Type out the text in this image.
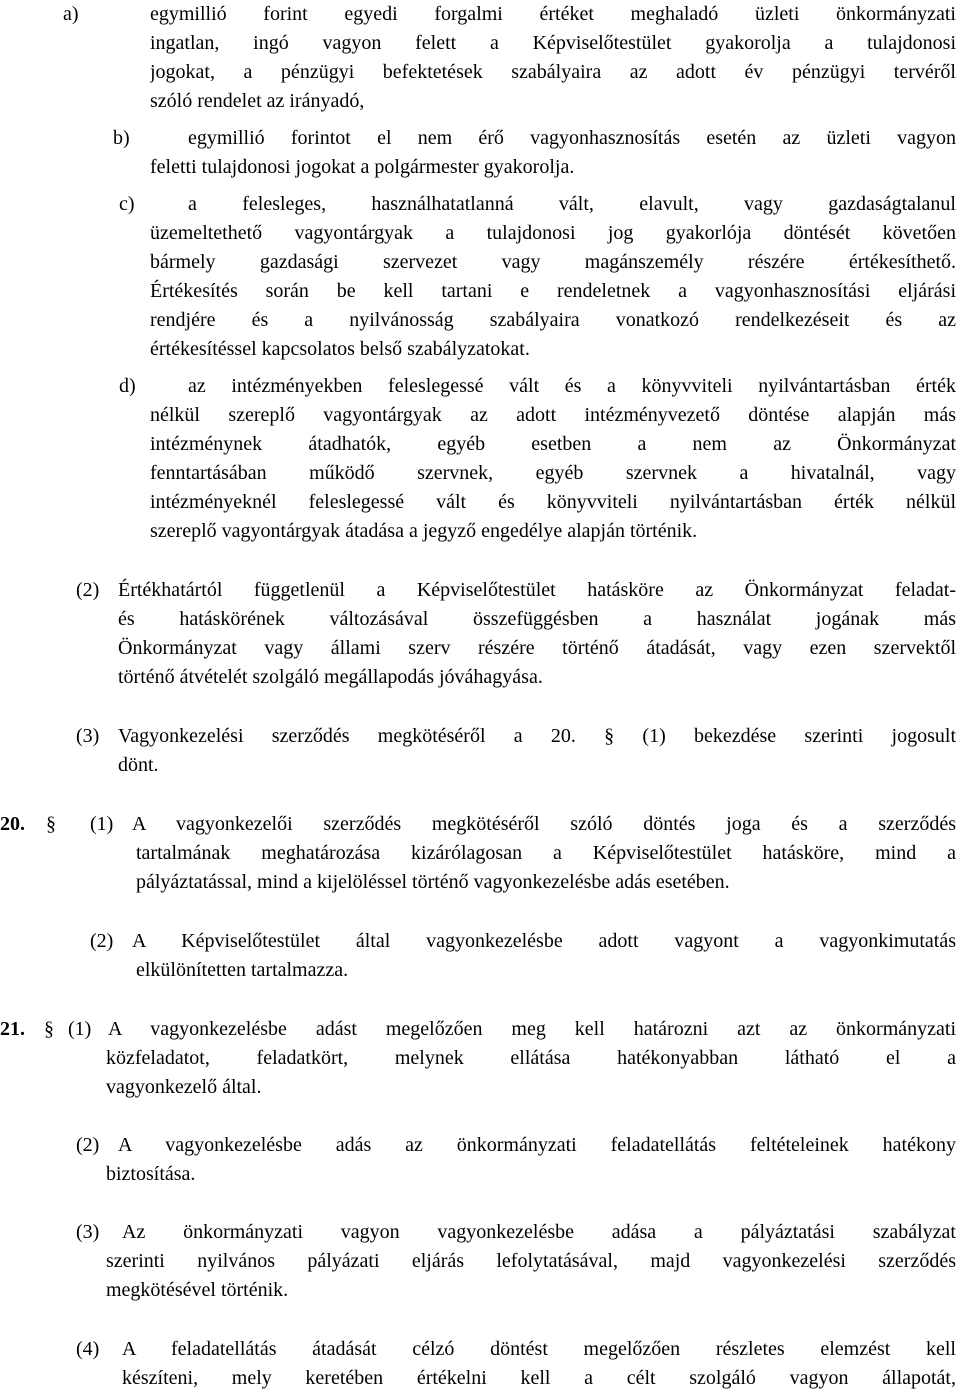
a)	egymillió forint egyedi forgalmi értéket meghaladó üzleti önkormányzati
ingatlan, ingó vagyon felett a Képviselőtestület gyakorolja a tulajdonosi
jogokat, a pénzügyi befektetések szabályaira az adott év pénzügyi tervéről
szóló rendelet az irányadó,
b)	egymillió forintot el nem érő vagyonhasznosítás esetén az üzleti vagyon
feletti tulajdonosi jogokat a polgármester gyakorolja.
c)	a felesleges, használhatatlanná vált, elavult, vagy gazdaságtalanul
üzemeltethető vagyontárgyak a tulajdonosi jog gyakorlója döntését követően
bármely gazdasági szervezet vagy magánszemély részére értékesíthető.
Értékesítés során be kell tartani e rendeletnek a vagyonhasznosítási eljárási
rendjére és a nyilvánosság szabályaira vonatkozó rendelkezéseit és az
értékesítéssel kapcsolatos belső szabályzatokat.
d)	az intézményekben feleslegessé vált és a könyvviteli nyilvántartásban érték
nélkül szereplő vagyontárgyak az adott intézményvezető döntése alapján más
intézménynek átadhatók, egyéb esetben a nem az Önkormányzat
fenntartásában működő szervnek, egyéb szervnek a hivatalnál, vagy
intézményeknél feleslegessé vált és könyvviteli nyilvántartásban érték nélkül
szereplő vagyontárgyak átadása a jegyző engedélye alapján történik.
(2) Értékhatártól függetlenül a Képviselőtestület hatásköre az Önkormányzat feladat-
és hatáskörének változásával összefüggésben a használat jogának más
Önkormányzat vagy állami szerv részére történő átadását, vagy ezen szervektől
történő átvételét szolgáló megállapodás jóváhagyása.
(3) Vagyonkezelési szerződés megkötéséről a 20. § (1) bekezdése szerinti jogosult
dönt.
20. § (1) A vagyonkezelői szerződés megkötéséről szóló döntés joga és a szerződés
tartalmának meghatározása kizárólagosan a Képviselőtestület hatásköre, mind a
pályáztatással, mind a kijelöléssel történő vagyonkezelésbe adás esetében.
(2) A Képviselőtestület által vagyonkezelésbe adott vagyont a vagyonkimutatás
elkülönítetten tartalmazza.
21. § (1) A vagyonkezelésbe adást megelőzően meg kell határozni azt az önkormányzati
közfeladatot, feladatkört, melynek ellátása hatékonyabban látható el a
vagyonkezelő által.
(2) A vagyonkezelésbe adás az önkormányzati feladatellátás feltételeinek hatékony
biztosítása.
(3) Az önkormányzati vagyon vagyonkezelésbe adása a pályáztatási szabályzat
szerinti nyilvános pályázati eljárás lefolytatásával, majd vagyonkezelési szerződés
megkötésével történik.
(4) A feladatellátás átadását célzó döntést megelőzően részletes elemzést kell
készíteni, mely keretében értékelni kell a célt szolgáló vagyon állapotát,
